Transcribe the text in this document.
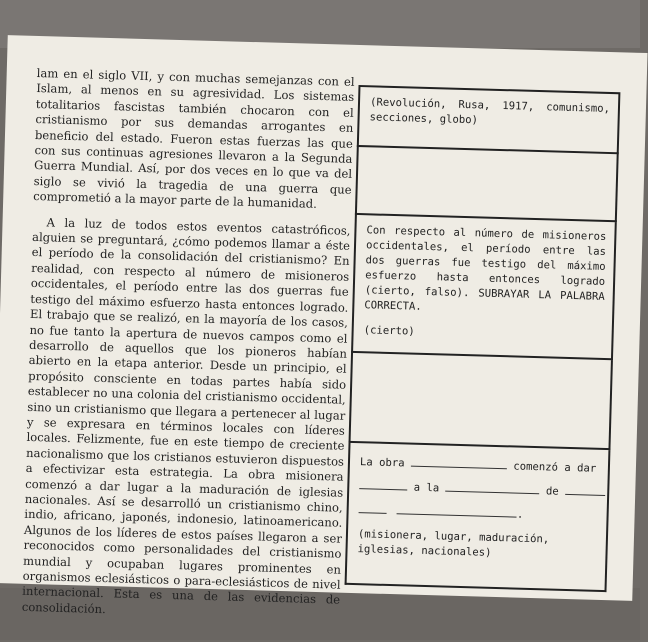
lam en el siglo VII, y con muchas semejanzas con el Islam, al menos en su agresividad. Los sistemas totalitarios fascistas también chocaron con el cristianismo por sus demandas arrogantes en beneficio del estado. Fueron estas fuerzas las que con sus continuas agresiones llevaron a la Segunda Guerra Mundial. Así, por dos veces en lo que va del siglo se vivió la tragedia de una guerra que comprometió a la mayor parte de la humanidad.

A la luz de todos estos eventos catastróficos, alguien se preguntará, ¿cómo podemos llamar a éste el período de la consolidación del cristianismo? En realidad, con respecto al número de misioneros occidentales, el período entre las dos guerras fue testigo del máximo esfuerzo hasta entonces logrado. El trabajo que se realizó, en la mayoría de los casos, no fue tanto la apertura de nuevos campos como el desarrollo de aquellos que los pioneros habían abierto en la etapa anterior. Desde un principio, el propósito consciente en todas partes había sido establecer no una colonia del cristianismo occidental, sino un cristianismo que llegara a pertenecer al lugar y se expresara en términos locales con líderes locales. Felizmente, fue en este tiempo de creciente nacionalismo que los cristianos estuvieron dispuestos a efectivizar esta estrategia. La obra misionera comenzó a dar lugar a la maduración de iglesias nacionales. Así se desarrolló un cristianismo chino, indio, africano, japonés, indonesio, latinoamericano. Algunos de los líderes de estos países llegaron a ser reconocidos como personalidades del cristianismo mundial y ocupaban lugares prominentes en organismos eclesiásticos o para-eclesiásticos de nivel internacional. Esta es una de las evidencias de consolidación.

(Revolución, Rusa, 1917, comunismo, secciones, globo)
Con respecto al número de misioneros occidentales, el período entre las dos guerras fue testigo del máximo esfuerzo hasta entonces logrado (cierto, falso). SUBRAYAR LA PALABRA CORRECTA.
(cierto)
La obra	comenzó a dar
a la	de
.
(misionera, lugar, maduración, iglesias, nacionales)
